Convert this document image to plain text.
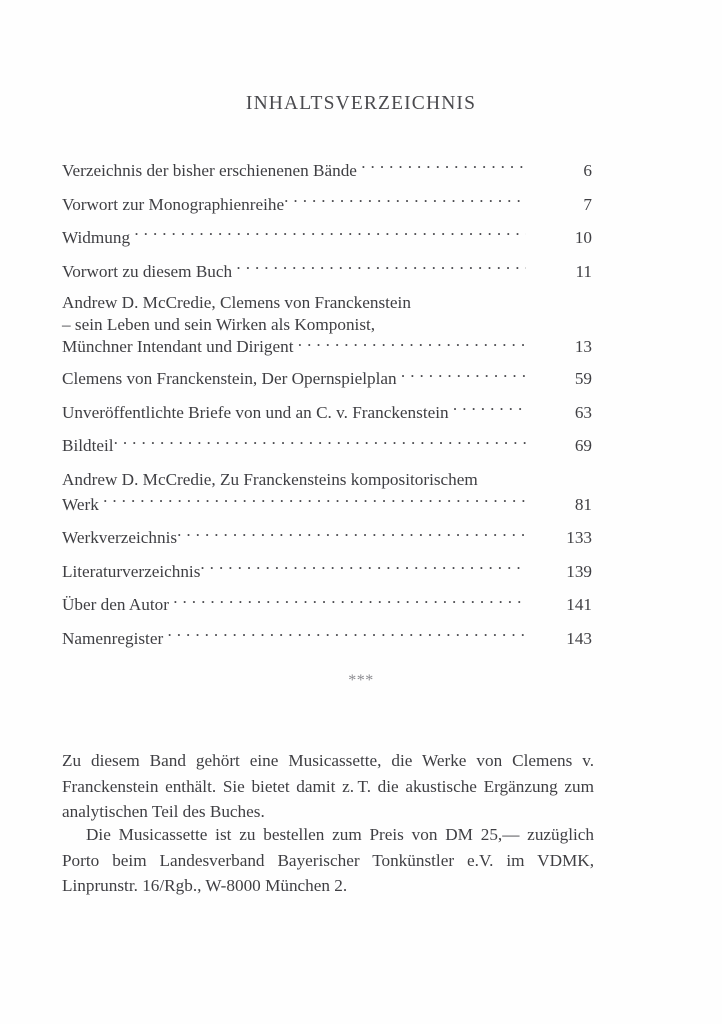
INHALTSVERZEICHNIS
Verzeichnis der bisher erschienenen Bände . . .	6
Vorwort zur Monographienreihe . . .	7
Widmung . . .	10
Vorwort zu diesem Buch . . .	11
Andrew D. McCredie, Clemens von Franckenstein
– sein Leben und sein Wirken als Komponist,
Münchner Intendant und Dirigent . . .	13
Clemens von Franckenstein, Der Opernspielplan . . .	59
Unveröffentlichte Briefe von und an C. v. Franckenstein . . .	63
Bildteil . . .	69
Andrew D. McCredie, Zu Franckensteins kompositorischem
Werk . . .	81
Werkverzeichnis . . .	133
Literaturverzeichnis . . .	139
Über den Autor . . .	141
Namenregister . . .	143
***

Zu diesem Band gehört eine Musicassette, die Werke von Clemens v. Franckenstein enthält. Sie bietet damit z. T. die akustische Ergänzung zum analytischen Teil des Buches.

Die Musicassette ist zu bestellen zum Preis von DM 25,— zuzüglich Porto beim Landesverband Bayerischer Tonkünstler e.V. im VDMK, Linprunstr. 16/Rgb., W-8000 München 2.
